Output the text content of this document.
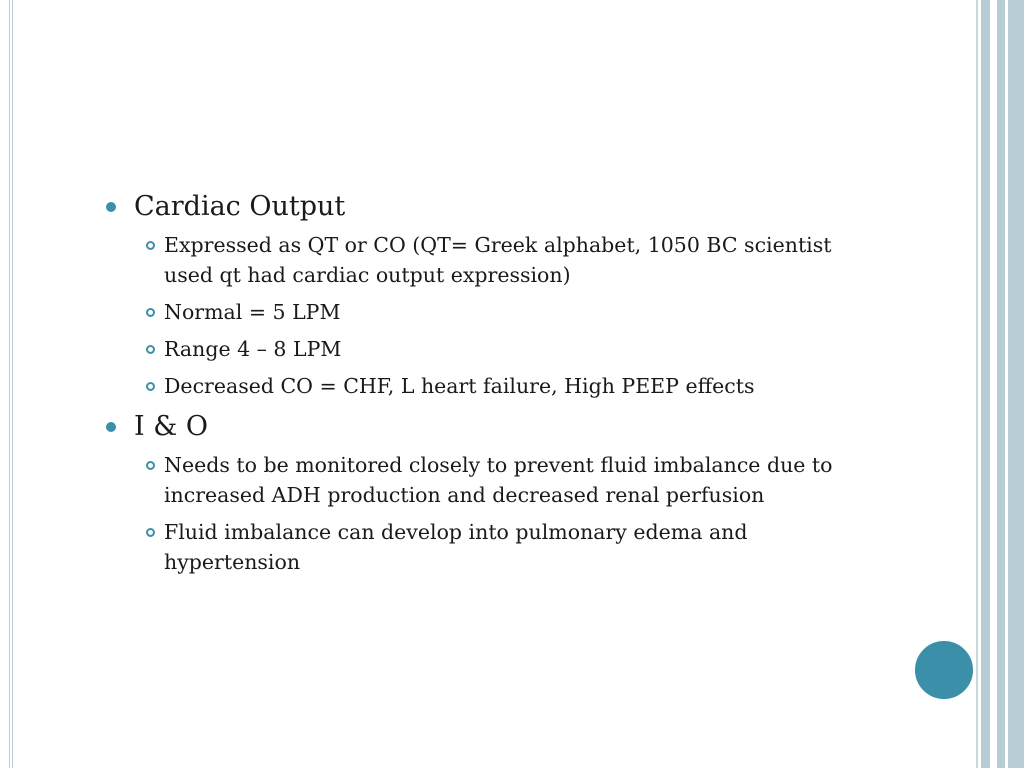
Cardiac Output
Expressed as QT or CO (QT= Greek alphabet, 1050 BC scientist used qt had cardiac output expression)
Normal = 5 LPM
Range 4 – 8 LPM
Decreased CO = CHF, L heart failure, High PEEP effects
I & O
Needs to be monitored closely to prevent fluid imbalance due to increased ADH production and decreased renal perfusion
Fluid imbalance can develop into pulmonary edema and hypertension
